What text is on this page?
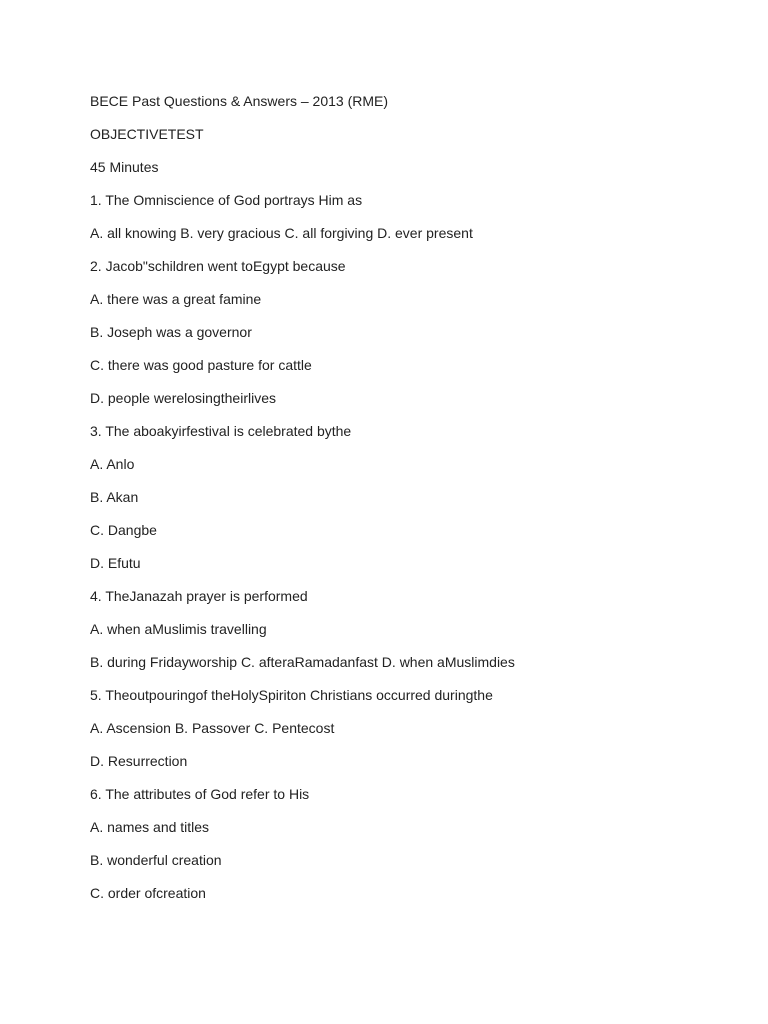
BECE Past Questions & Answers – 2013 (RME)
OBJECTIVETEST
45 Minutes
1. The Omniscience of God portrays Him as
A. all knowing B. very gracious C. all forgiving D. ever present
2. Jacob"schildren went toEgypt because
A. there was a great famine
B. Joseph was a governor
C. there was good pasture for cattle
D. people werelosingtheirlives
3. The aboakyirfestival is celebrated bythe
A. Anlo
B. Akan
C. Dangbe
D. Efutu
4. TheJanazah prayer is performed
A. when aMuslimis travelling
B. during Fridayworship C. afteraRamadanfast D. when aMuslimdies
5. Theoutpouringof theHolySpiriton Christians occurred duringthe
A. Ascension B. Passover C. Pentecost
D. Resurrection
6. The attributes of God refer to His
A. names and titles
B. wonderful creation
C. order ofcreation
